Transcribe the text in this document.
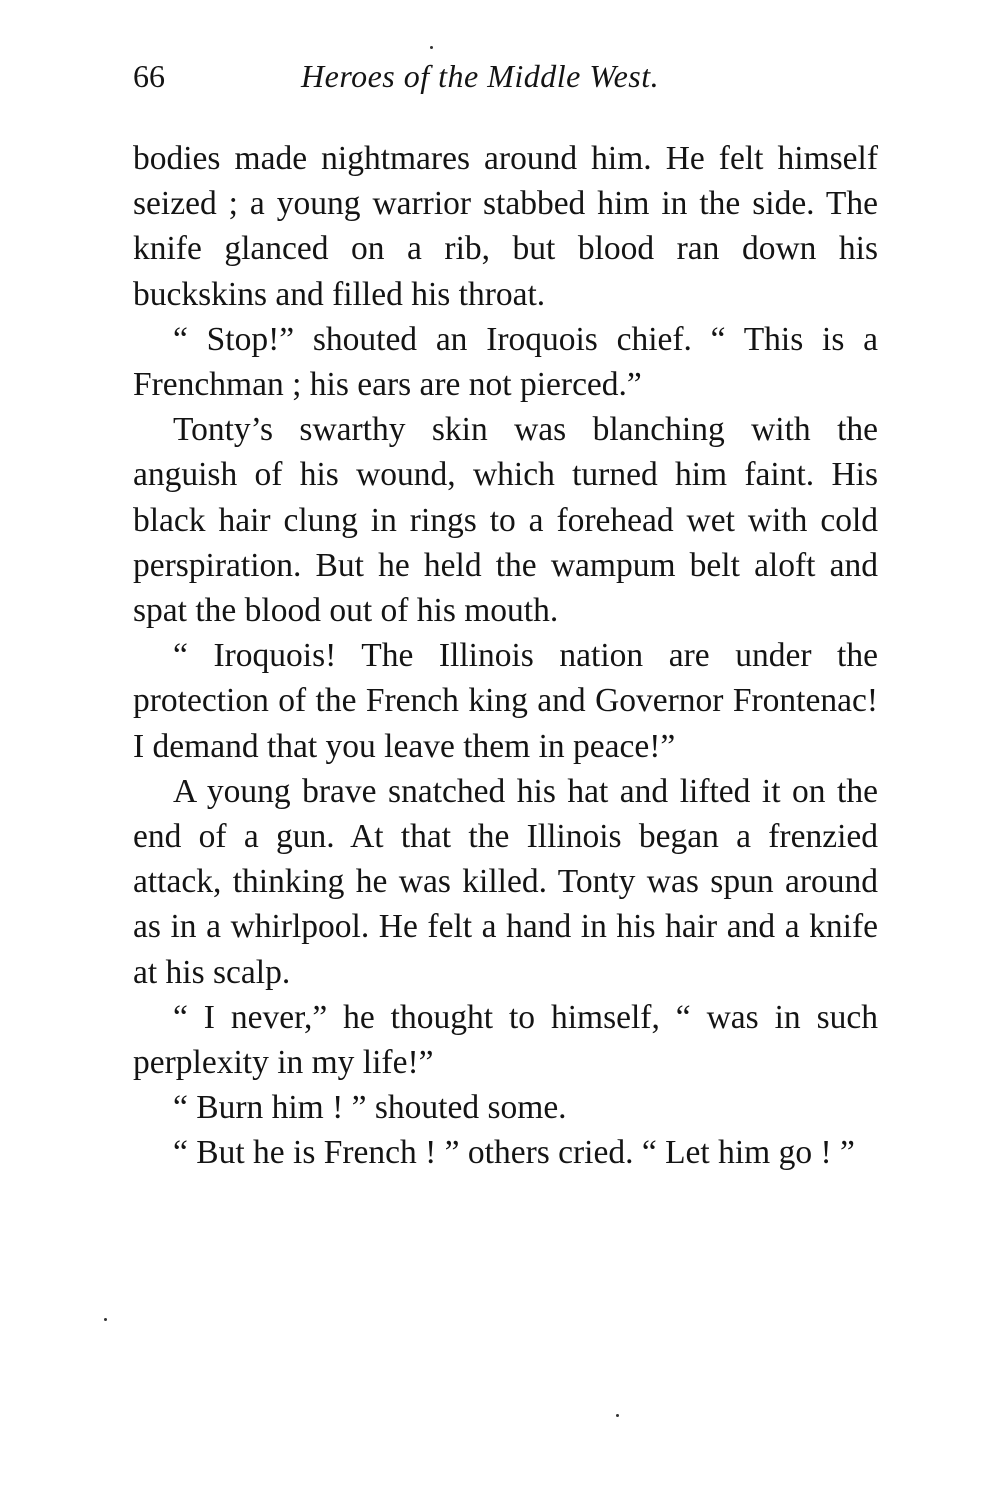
66	Heroes of the Middle West.

bodies made nightmares around him. He felt himself seized ; a young warrior stabbed him in the side. The knife glanced on a rib, but blood ran down his buckskins and filled his throat.

“ Stop!” shouted an Iroquois chief. “ This is a Frenchman ; his ears are not pierced.”

Tonty’s swarthy skin was blanching with the anguish of his wound, which turned him faint. His black hair clung in rings to a forehead wet with cold perspiration. But he held the wampum belt aloft and spat the blood out of his mouth.

“ Iroquois! The Illinois nation are under the protection of the French king and Governor Frontenac! I demand that you leave them in peace!”

A young brave snatched his hat and lifted it on the end of a gun. At that the Illinois began a frenzied attack, thinking he was killed. Tonty was spun around as in a whirlpool. He felt a hand in his hair and a knife at his scalp.

“ I never,” he thought to himself, “ was in such perplexity in my life!”

“ Burn him ! ” shouted some.

“ But he is French ! ” others cried. “ Let him go ! ”
